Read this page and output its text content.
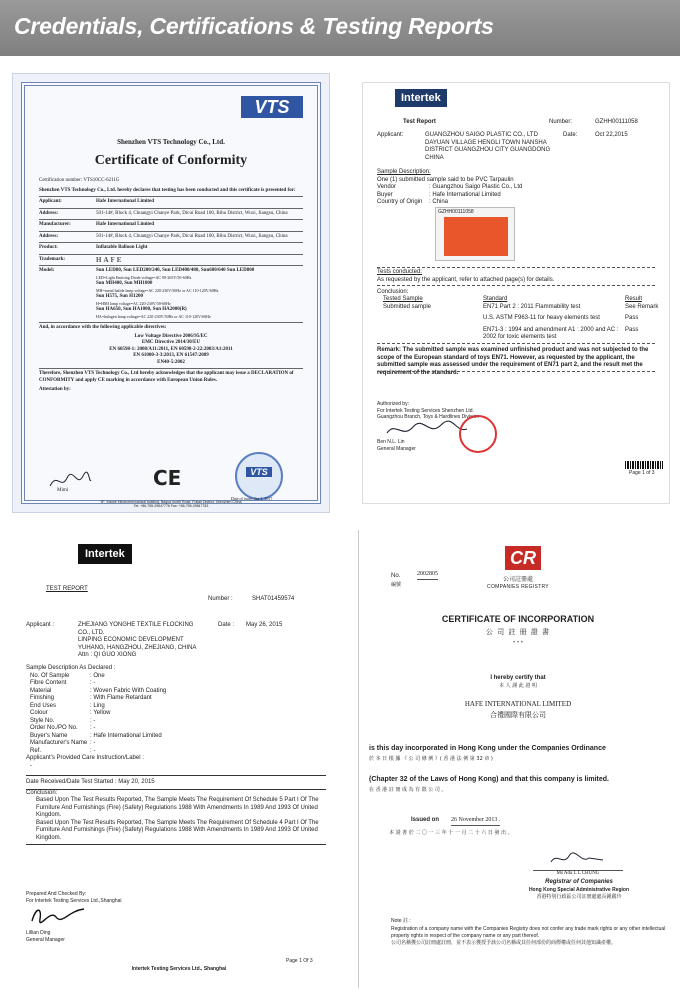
Credentials, Certifications & Testing Reports
VTS
Shenzhen VTS Technology Co., Ltd.
Certificate of Conformity
Certification number: VTS10CC-6211G
Shenzhen VTS Technology Co., Ltd. hereby declares that testing has been conducted and this certificate is presented for:
Applicant:	Hafe International Limited
Address:	501-14#, Block 4, Chuangyi Chanye Park, Dicui Road 100, Bihu District, Wuxi, Jiangsu, China
Manufacturer:	Hafe International Limited
Address:	501-14#, Block 4, Chuangyi Chanye Park, Dicui Road 100, Bihu District, Wuxi, Jiangsu, China
Product:	Inflatable Balloon Light
Trademark:	HAFE
Model:	Sun LED80, Sun LED200/240, Sun LED400/480, Sun600/640 Sun LED800
LED=Light Emitting Diode voltage=AC 90-265V/50-60Hz
Sun MH400, Sun MH1000
MH=metal halide lamp voltage=AC 220-230V/50Hz or AC 110-120V/60Hz
Sun H575, Sun H1200
H=HMI lamp voltage=AC 220-230V/50-60Hz
Sun HA650, Sun HA1000, Sun HA2000(R)
HA=halogen lamp voltage=AC 220-230V/50Hz or AC 110-120V/60Hz
And, in accordance with the following applicable directives:
Low Voltage Directive 2006/95/EC
EMC Directive 2014/30/EU
EN 60598-1: 2008/A11:2011, EN 60598-2-22:2003/A1:2011
EN 61000-3-3:2013, EN 61547:2009
EN40-5:2002
Therefore, Shenzhen VTS Technology Co., Ltd hereby acknowledges that the applicant may issue a DECLARATION of CONFORMITY and apply CE marking in accordance with European Union Rules.
Attestation by:
Mimi
CE	VTS
Date of issue: Jan 1, 2017
3F, Xiaoke electromechanical building, Bagua fourth Road, Futian District, Shenzhen China
Tel: +86-755-29847776 Fax: +86-755-29847783
Intertek
Test Report	Number:	GZHH00111058
Applicant:	GUANGZHOU SAIGO PLASTIC CO., LTD
DAYUAN VILLAGE HENGLI TOWN NANSHA
DISTRICT GUANGZHOU CITY GUANGDONG
CHINA
Date:	Oct 22,2015
Sample Description:
One (1) submitted sample said to be PVC Tarpaulin
Vendor	: Guangzhou Saigo Plastic Co., Ltd
Buyer	: Hafe International Limited
Country of Origin	: China
GZHH00111058
Tests conducted:
As requested by the applicant, refer to attached page(s) for details.
Conclusion:
Tested Sample	Standard	Result
Submitted sample	EN71 Part 2 : 2011 Flammability test	See Remark
U.S. ASTM F963-11 for heavy elements test	Pass
EN71-3 : 1994 and amendment A1 : 2000 and AC : 2002 for toxic elements test
Pass
Remark: The submitted sample was examined unfinished product and was not subjected to the scope of the European standard of toys EN71. However, as requested by the applicant, the submitted sample was assessed under the requirement of EN71 part 2, and the result met the requirement of the standard.
Authorized by:
For Intertek Testing Services Shenzhen Ltd.
Guangzhou Branch, Toys & Hardlines Division
Ben N.L. Lin
General Manager
Page 1 of 3
Intertek
TEST REPORT
Number :	SHAT01459574
Applicant :	ZHEJIANG YONGHE TEXTILE FLOCKING
CO., LTD.
LINPING ECONOMIC DEVELOPMENT
YUHANG, HANGZHOU, ZHEJIANG, CHINA
Attn : QI GUO XIONG
Date : May 26, 2015
Sample Description As Declared :
No. Of Sample	: One
Fibre Content	: -
Material	: Woven Fabric With Coating
Finishing	: With Flame Retardant
End Uses	: Ling
Colour	: Yellow
Style No.	: -
Order No./PO No.	: -
Buyer's Name	: Hafe International Limited
Manufacturer's Name : -
Ref.	: -
Applicant's Provided Care Instruction/Label :
-
Date Received/Date Test Started : May 20, 2015
Conclusion:
Based Upon The Test Results Reported, The Sample Meets The Requirement Of Schedule 5 Part I Of The Furniture And Furnishings (Fire) (Safety) Regulations 1988 With Amendments In 1989 And 1993 Of United Kingdom.
Based Upon The Test Results Reported, The Sample Meets The Requirement Of Schedule 4 Part I Of The Furniture And Furnishings (Fire) (Safety) Regulations 1988 With Amendments In 1989 And 1993 Of United Kingdom.
Prepared And Checked By:
For Intertek Testing Services Ltd.,Shanghai
Lillian Ding
General Manager
Page 1 Of 3
Intertek Testing Services Ltd., Shanghai
CR
公司註冊處
COMPANIES REGISTRY
No.	2002805
編號
CERTIFICATE OF INCORPORATION
公 司 註 冊 證 書
• • •
I hereby certify that
本 人 謹 此 證 明
HAFE INTERNATIONAL LIMITED
合禮國際有限公司
is this day incorporated in Hong Kong under the Companies Ordinance
於 本 日 根 據 《 公 司 條 例 》( 香 港 法 例 第 32 章 )
(Chapter 32 of the Laws of Hong Kong) and that this company is limited.
在 香 港 註 冊 成 為 有 限 公 司 。
Issued on 26 November 2013 .
本 證 書 於 二 〇 一 三 年 十 一 月 二 十 六 日 發 出 。
Ms Ada L L CHUNG
Registrar of Companies
Hong Kong Special Administrative Region
香港特別行政區公司註冊處處長鍾麗玲
Note 註 :
Registration of a company name with the Companies Registry does not confer any trade mark rights or any other intellectual property rights in respect of the company name or any part thereof.
公司名稱獲公司註冊處註冊，並不表示獲授予該公司名稱或其任何部份的商標權或任何其他知識產權。
